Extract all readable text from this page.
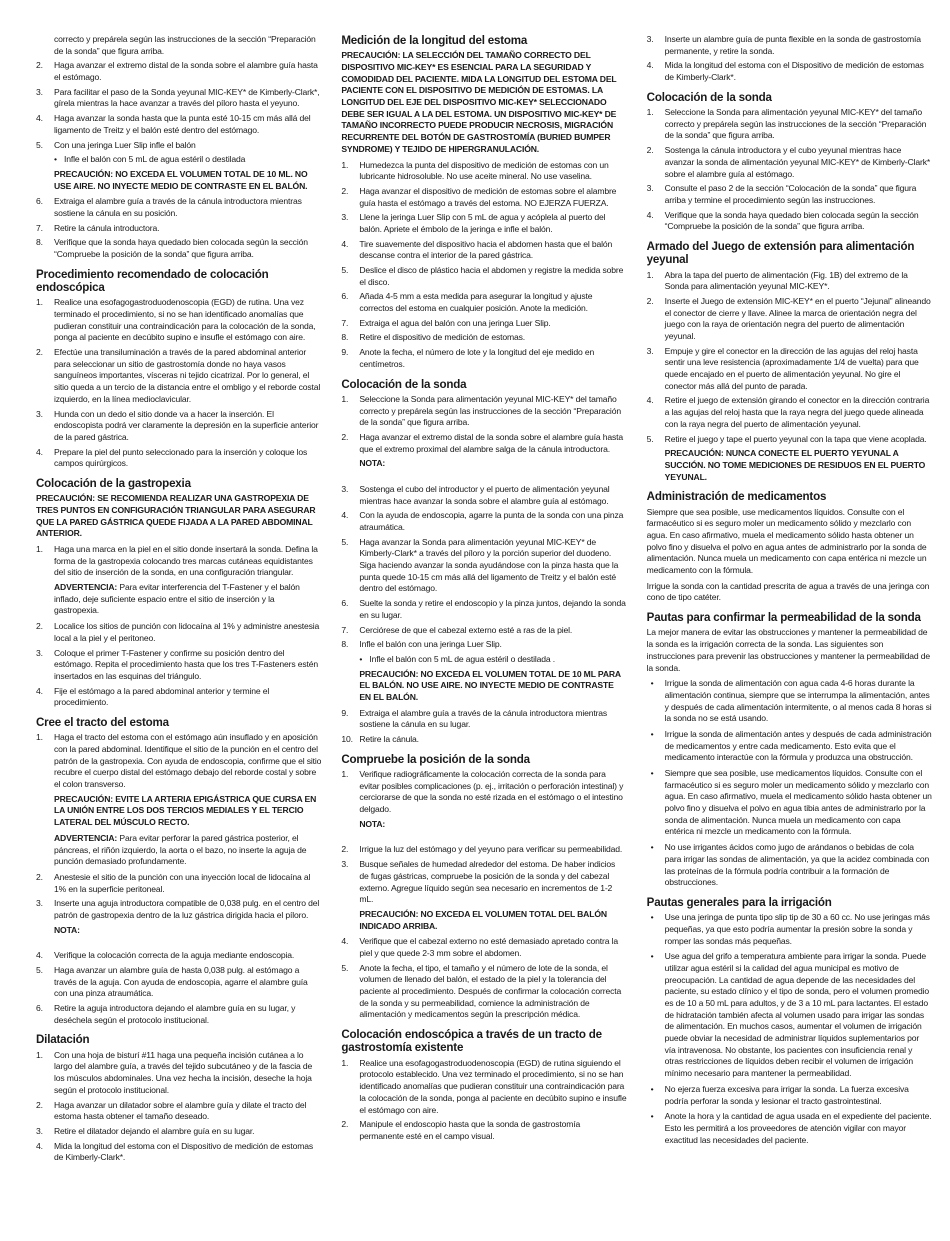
correcto y prepárela según las instrucciones de la sección “Preparación de la sonda” que figura arriba.
2.	Haga avanzar el extremo distal de la sonda sobre el alambre guía hasta el estómago.
3.	Para facilitar el paso de la Sonda yeyunal MIC-KEY* de Kimberly-Clark*, gírela mientras la hace avanzar a través del píloro hasta el yeyuno.
4.	Haga avanzar la sonda hasta que la punta esté 10-15 cm más allá del ligamento de Treitz y el balón esté dentro del estómago.
5.	Con una jeringa Luer Slip infle el balón
• Infle el balón con 5 mL de agua estéril o destilada
PRECAUCIÓN: NO EXCEDA EL VOLUMEN TOTAL DE 10 ML. NO USE AIRE. NO INYECTE MEDIO DE CONTRASTE EN EL BALÓN.
6.	Extraiga el alambre guía a través de la cánula introductora mientras sostiene la cánula en su posición.
7.	Retire la cánula introductora.
8.	Verifique que la sonda haya quedado bien colocada según la sección “Compruebe la posición de la sonda” que figura arriba.
Procedimiento recomendado de colocación endoscópica
1.	Realice una esofagogastroduodenoscopia (EGD) de rutina. Una vez terminado el procedimiento, si no se han identificado anomalías que pudieran constituir una contraindicación para la colocación de la sonda, ponga al paciente en decúbito supino e insufle el estómago con aire.
2.	Efectúe una transiluminación a través de la pared abdominal anterior para seleccionar un sitio de gastrostomía donde no haya vasos sanguíneos importantes, vísceras ni tejido cicatrizal. Por lo general, el sitio queda a un tercio de la distancia entre el ombligo y el reborde costal izquierdo, en la línea medioclavicular.
3.	Hunda con un dedo el sitio donde va a hacer la inserción. El endoscopista podrá ver claramente la depresión en la superficie anterior de la pared gástrica.
4.	Prepare la piel del punto seleccionado para la inserción y coloque los campos quirúrgicos.
Colocación de la gastropexia
PRECAUCIÓN: SE RECOMIENDA REALIZAR UNA GASTROPEXIA DE TRES PUNTOS EN CONFIGURACIÓN TRIANGULAR PARA ASEGURAR QUE LA PARED GÁSTRICA QUEDE FIJADA A LA PARED ABDOMINAL ANTERIOR.
1.	Haga una marca en la piel en el sitio donde insertará la sonda. Defina la forma de la gastropexia colocando tres marcas cutáneas equidistantes del sitio de inserción de la sonda, en una configuración triangular.

ADVERTENCIA: Para evitar interferencia del T-Fastener y el balón inflado, deje suficiente espacio entre el sitio de inserción y la gastropexia.

2.	Localice los sitios de punción con lidocaína al 1% y administre anestesia local a la piel y el peritoneo.
3.	Coloque el primer T-Fastener y confirme su posición dentro del estómago. Repita el procedimiento hasta que los tres T-Fasteners estén insertados en las esquinas del triángulo.
4.	Fije el estómago a la pared abdominal anterior y termine el procedimiento.
Cree el tracto del estoma
1.	Haga el tracto del estoma con el estómago aún insuflado y en aposición con la pared abdominal. Identifique el sitio de la punción en el centro del patrón de la gastropexia. Con ayuda de endoscopia, confirme que el sitio recubre el cuerpo distal del estómago debajo del reborde costal y sobre el colon transverso.
PRECAUCIÓN: EVITE LA ARTERIA EPIGÁSTRICA QUE CURSA EN LA UNIÓN ENTRE LOS DOS TERCIOS MEDIALES Y EL TERCIO LATERAL DEL MÚSCULO RECTO.

ADVERTENCIA: Para evitar perforar la pared gástrica posterior, el páncreas, el riñón izquierdo, la aorta o el bazo, no inserte la aguja de punción demasiado profundamente.

2.	Anestesie el sitio de la punción con una inyección local de lidocaína al 1% en la superficie peritoneal.
3.	Inserte una aguja introductora compatible de 0,038 pulg. en el centro del patrón de gastropexia dentro de la luz gástrica dirigida hacia el píloro.
NOTA:
4.	Verifique la colocación correcta de la aguja mediante endoscopia.
5.	Haga avanzar un alambre guía de hasta 0,038 pulg. al estómago a través de la aguja. Con ayuda de endoscopia, agarre el alambre guía con una pinza atraumática.
6.	Retire la aguja introductora dejando el alambre guía en su lugar, y deséchela según el protocolo institucional.
Dilatación
1.	Con una hoja de bisturí #11 haga una pequeña incisión cutánea a lo largo del alambre guía, a través del tejido subcutáneo y de la fascia de los músculos abdominales. Una vez hecha la incisión, deseche la hoja según el protocolo institucional.
2.	Haga avanzar un dilatador sobre el alambre guía y dilate el tracto del estoma hasta obtener el tamaño deseado.
3.	Retire el dilatador dejando el alambre guía en su lugar.
4.	Mida la longitud del estoma con el Dispositivo de medición de estomas de Kimberly-Clark*.
Medición de la longitud del estoma
PRECAUCIÓN: LA SELECCIÓN DEL TAMAÑO CORRECTO DEL DISPOSITIVO MIC-KEY* ES ESENCIAL PARA LA SEGURIDAD Y COMODIDAD DEL PACIENTE. MIDA LA LONGITUD DEL ESTOMA DEL PACIENTE CON EL DISPOSITIVO DE MEDICIÓN DE ESTOMAS. LA LONGITUD DEL EJE DEL DISPOSITIVO MIC-KEY* SELECCIONADO DEBE SER IGUAL A LA DEL ESTOMA. UN DISPOSITIVO MIC-KEY* DE TAMAÑO INCORRECTO PUEDE PRODUCIR NECROSIS, MIGRACIÓN RECURRENTE DEL BOTÓN DE GASTROSTOMÍA (BURIED BUMPER SYNDROME) Y TEJIDO DE HIPERGRANULACIÓN.
1.	Humedezca la punta del dispositivo de medición de estomas con un lubricante hidrosoluble. No use aceite mineral. No use vaselina.
2.	Haga avanzar el dispositivo de medición de estomas sobre el alambre guía hasta el estómago a través del estoma. NO EJERZA FUERZA.
3.	Llene la jeringa Luer Slip con 5 mL de agua y acóplela al puerto del balón. Apriete el émbolo de la jeringa e infle el balón.
4.	Tire suavemente del dispositivo hacia el abdomen hasta que el balón descanse contra el interior de la pared gástrica.
5.	Deslice el disco de plástico hacia el abdomen y registre la medida sobre el disco.
6.	Añada 4-5 mm a esta medida para asegurar la longitud y ajuste correctos del estoma en cualquier posición. Anote la medición.
7.	Extraiga el agua del balón con una jeringa Luer Slip.
8.	Retire el dispositivo de medición de estomas.
9.	Anote la fecha, el número de lote y la longitud del eje medido en centímetros.
Colocación de la sonda
1.	Seleccione la Sonda para alimentación yeyunal MIC-KEY* del tamaño correcto y prepárela según las instrucciones de la sección “Preparación de la sonda” que figura arriba.
2.	Haga avanzar el extremo distal de la sonda sobre el alambre guía hasta que el extremo proximal del alambre salga de la cánula introductora.
NOTA:
3.	Sostenga el cubo del introductor y el puerto de alimentación yeyunal mientras hace avanzar la sonda sobre el alambre guía al estómago.
4.	Con la ayuda de endoscopia, agarre la punta de la sonda con una pinza atraumática.
5.	Haga avanzar la Sonda para alimentación yeyunal MIC-KEY* de Kimberly-Clark* a través del píloro y la porción superior del duodeno. Siga haciendo avanzar la sonda ayudándose con la pinza hasta que la punta quede 10-15 cm más allá del ligamento de Treitz y el balón esté dentro del estómago.
6.	Suelte la sonda y retire el endoscopio y la pinza juntos, dejando la sonda en su lugar.
7.	Cerciórese de que el cabezal externo esté a ras de la piel.
8.	Infle el balón con una jeringa Luer Slip.
• Infle el balón con 5 mL de agua estéril o destilada .
PRECAUCIÓN: NO EXCEDA EL VOLUMEN TOTAL DE 10 ML PARA EL BALÓN. NO USE AIRE. NO INYECTE MEDIO DE CONTRASTE EN EL BALÓN.
9.	Extraiga el alambre guía a través de la cánula introductora mientras sostiene la cánula en su lugar.
10. Retire la cánula.
Compruebe la posición de la sonda
1.	Verifique radiográficamente la colocación correcta de la sonda para evitar posibles complicaciones (p. ej., irritación o perforación intestinal) y cerciorarse de que la sonda no esté rizada en el estómago o el intestino delgado.
NOTA:
2.	Irrigue la luz del estómago y del yeyuno para verificar su permeabilidad.
3.	Busque señales de humedad alrededor del estoma. De haber indicios de fugas gástricas, compruebe la posición de la sonda y del cabezal externo. Agregue líquido según sea necesario en incrementos de 1-2 mL.
PRECAUCIÓN: NO EXCEDA EL VOLUMEN TOTAL DEL BALÓN INDICADO ARRIBA.
4.	Verifique que el cabezal externo no esté demasiado apretado contra la piel y que quede 2-3 mm sobre el abdomen.
5.	Anote la fecha, el tipo, el tamaño y el número de lote de la sonda, el volumen de llenado del balón, el estado de la piel y la tolerancia del paciente al procedimiento. Después de confirmar la colocación correcta de la sonda y su permeabilidad, comience la administración de alimentación y medicamentos según la prescripción médica.
Colocación endoscópica a través de un tracto de gastrostomía existente
1.	Realice una esofagogastroduodenoscopia (EGD) de rutina siguiendo el protocolo establecido. Una vez terminado el procedimiento, si no se han identificado anomalías que pudieran constituir una contraindicación para la colocación de la sonda, ponga al paciente en decúbito supino e insufle el estómago con aire.
2.	Manipule el endoscopio hasta que la sonda de gastrostomía permanente esté en el campo visual.
3.	Inserte un alambre guía de punta flexible en la sonda de gastrostomía permanente, y retire la sonda.
4.	Mida la longitud del estoma con el Dispositivo de medición de estomas de Kimberly-Clark*.
Colocación de la sonda
1.	Seleccione la Sonda para alimentación yeyunal MIC-KEY* del tamaño correcto y prepárela según las instrucciones de la sección “Preparación de la sonda” que figura arriba.
2.	Sostenga la cánula introductora y el cubo yeyunal mientras hace avanzar la sonda de alimentación yeyunal MIC-KEY* de Kimberly-Clark* sobre el alambre guía al estómago.
3.	Consulte el paso 2 de la sección “Colocación de la sonda” que figura arriba y termine el procedimiento según las instrucciones.
4.	Verifique que la sonda haya quedado bien colocada según la sección “Compruebe la posición de la sonda” que figura arriba.
Armado del Juego de extensión para alimentación yeyunal
1.	Abra la tapa del puerto de alimentación (Fig. 1B) del extremo de la Sonda para alimentación yeyunal MIC-KEY*.
2.	Inserte el Juego de extensión MIC-KEY* en el puerto “Jejunal” alineando el conector de cierre y llave. Alinee la marca de orientación negra del juego con la raya de orientación negra del puerto de alimentación yeyunal.
3.	Empuje y gire el conector en la dirección de las agujas del reloj hasta sentir una leve resistencia (aproximadamente 1/4 de vuelta) para que quede encajado en el puerto de alimentación yeyunal. No gire el conector más allá del punto de parada.
4.	Retire el juego de extensión girando el conector en la dirección contraria a las agujas del reloj hasta que la raya negra del juego quede alineada con la raya negra del puerto de alimentación yeyunal.
5.	Retire el juego y tape el puerto yeyunal con la tapa que viene acoplada.
PRECAUCIÓN: NUNCA CONECTE EL PUERTO YEYUNAL A SUCCIÓN. NO TOME MEDICIONES DE RESIDUOS EN EL PUERTO YEYUNAL.
Administración de medicamentos

Siempre que sea posible, use medicamentos líquidos. Consulte con el farmacéutico si es seguro moler un medicamento sólido y mezclarlo con agua. En caso afirmativo, muela el medicamento sólido hasta obtener un polvo fino y disuelva el polvo en agua antes de administrarlo por la sonda de alimentación. Nunca muela un medicamento con capa entérica ni mezcle un medicamento con la fórmula.

Irrigue la sonda con la cantidad prescrita de agua a través de una jeringa con cono de tipo catéter.

Pautas para confirmar la permeabilidad de la sonda

La mejor manera de evitar las obstrucciones y mantener la permeabilidad de la sonda es la irrigación correcta de la sonda. Las siguientes son instrucciones para prevenir las obstrucciones y mantener la permeabilidad de la sonda.

•	Irrigue la sonda de alimentación con agua cada 4-6 horas durante la alimentación continua, siempre que se interrumpa la alimentación, antes y después de cada alimentación intermitente, o al menos cada 8 horas si la sonda no se está usando.
•	Irrigue la sonda de alimentación antes y después de cada administración de medicamentos y entre cada medicamento. Esto evita que el medicamento interactúe con la fórmula y produzca una obstrucción.
•	Siempre que sea posible, use medicamentos líquidos. Consulte con el farmacéutico si es seguro moler un medicamento sólido y mezclarlo con agua. En caso afirmativo, muela el medicamento sólido hasta obtener un polvo fino y disuelva el polvo en agua tibia antes de administrarlo por la sonda de alimentación. Nunca muela un medicamento con capa entérica ni mezcle un medicamento con la fórmula.
•	No use irrigantes ácidos como jugo de arándanos o bebidas de cola para irrigar las sondas de alimentación, ya que la acidez combinada con las proteínas de la fórmula podría contribuir a la formación de obstrucciones.
Pautas generales para la irrigación
•	Use una jeringa de punta tipo slip tip de 30 a 60 cc. No use jeringas más pequeñas, ya que esto podría aumentar la presión sobre la sonda y romper las sondas más pequeñas.
•	Use agua del grifo a temperatura ambiente para irrigar la sonda. Puede utilizar agua estéril si la calidad del agua municipal es motivo de preocupación. La cantidad de agua depende de las necesidades del paciente, su estado clínico y el tipo de sonda, pero el volumen promedio es de 10 a 50 mL para adultos, y de 3 a 10 mL para lactantes. El estado de hidratación también afecta al volumen usado para irrigar las sondas de alimentación. En muchos casos, aumentar el volumen de irrigación puede obviar la necesidad de administrar líquidos suplementarios por vía intravenosa. No obstante, los pacientes con insuficiencia renal y otras restricciones de líquidos deben recibir el volumen de irrigación mínimo necesario para mantener la permeabilidad.
•	No ejerza fuerza excesiva para irrigar la sonda. La fuerza excesiva podría perforar la sonda y lesionar el tracto gastrointestinal.
•	Anote la hora y la cantidad de agua usada en el expediente del paciente. Esto les permitirá a los proveedores de atención vigilar con mayor exactitud las necesidades del paciente.
